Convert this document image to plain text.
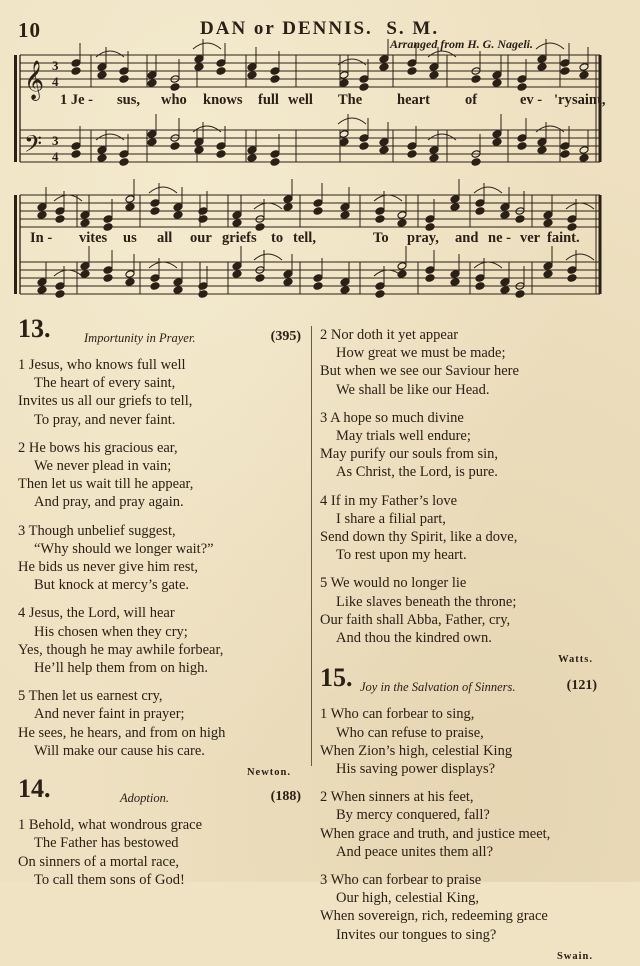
10	DAN or DENNIS. S. M.
Arranged from H. G. Nageli.
𝄞
𝄢
3
3
4
4
1 Je - sus, who knows full well The heart of	ev - 'ry saint,
In - vites us all our griefs to tell,	To pray, and ne - ver faint.
13.	Importunity in Prayer.	(395)
1 Jesus, who knows full well
The heart of every saint,
Invites us all our griefs to tell,
To pray, and never faint.
2 He bows his gracious ear,
We never plead in vain;
Then let us wait till he appear,
And pray, and pray again.
3 Though unbelief suggest,
“Why should we longer wait?”
He bids us never give him rest,
But knock at mercy’s gate.
4 Jesus, the Lord, will hear
His chosen when they cry;
Yes, though he may awhile forbear,
He’ll help them from on high.
5 Then let us earnest cry,
And never faint in prayer;
He sees, he hears, and from on high
Will make our cause his care.
Newton.
14.	Adoption.	(188)
1 Behold, what wondrous grace
The Father has bestowed
On sinners of a mortal race,
To call them sons of God!
2 Nor doth it yet appear
How great we must be made;
But when we see our Saviour here
We shall be like our Head.
3 A hope so much divine
May trials well endure;
May purify our souls from sin,
As Christ, the Lord, is pure.
4 If in my Father’s love
I share a filial part,
Send down thy Spirit, like a dove,
To rest upon my heart.
5 We would no longer lie
Like slaves beneath the throne;
Our faith shall Abba, Father, cry,
And thou the kindred own.
Watts.
15. Joy in the Salvation of Sinners.	(121)
1 Who can forbear to sing,
Who can refuse to praise,
When Zion’s high, celestial King
His saving power displays?
2 When sinners at his feet,
By mercy conquered, fall?
When grace and truth, and justice meet,
And peace unites them all?
3 Who can forbear to praise
Our high, celestial King,
When sovereign, rich, redeeming grace
Invites our tongues to sing?
Swain.
